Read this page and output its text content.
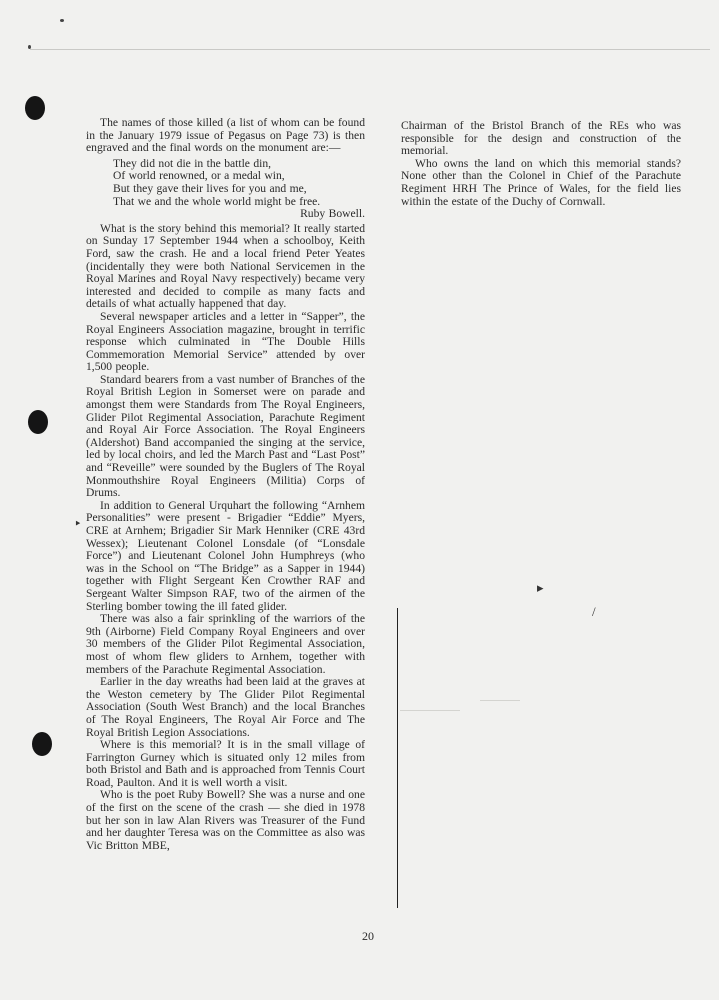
The names of those killed (a list of whom can be found in the January 1979 issue of Pegasus on Page 73) is then engraved and the final words on the monument are:—

They did not die in the battle din,
Of world renowned, or a medal win,
But they gave their lives for you and me,
That we and the whole world might be free.
Ruby Bowell.

What is the story behind this memorial? It really started on Sunday 17 September 1944 when a schoolboy, Keith Ford, saw the crash. He and a local friend Peter Yeates (incidentally they were both National Servicemen in the Royal Marines and Royal Navy respectively) became very interested and decided to compile as many facts and details of what actually happened that day.

Several newspaper articles and a letter in “Sapper”, the Royal Engineers Association magazine, brought in terrific response which culminated in “The Double Hills Commemoration Memorial Service” attended by over 1,500 people.

Standard bearers from a vast number of Branches of the Royal British Legion in Somerset were on parade and amongst them were Standards from The Royal Engineers, Glider Pilot Regimental Association, Parachute Regiment and Royal Air Force Association. The Royal Engineers (Aldershot) Band accompanied the singing at the service, led by local choirs, and led the March Past and “Last Post” and “Reveille” were sounded by the Buglers of The Royal Monmouthshire Royal Engineers (Militia) Corps of Drums.

In addition to General Urquhart the following “Arnhem Personalities” were present - Brigadier “Eddie” Myers, CRE at Arnhem; Brigadier Sir Mark Henniker (CRE 43rd Wessex); Lieutenant Colonel Lonsdale (of “Lonsdale Force”) and Lieutenant Colonel John Humphreys (who was in the School on “The Bridge” as a Sapper in 1944) together with Flight Sergeant Ken Crowther RAF and Sergeant Walter Simpson RAF, two of the airmen of the Sterling bomber towing the ill fated glider.

There was also a fair sprinkling of the warriors of the 9th (Airborne) Field Company Royal Engineers and over 30 members of the Glider Pilot Regimental Association, most of whom flew gliders to Arnhem, together with members of the Parachute Regimental Association.

Earlier in the day wreaths had been laid at the graves at the Weston cemetery by The Glider Pilot Regimental Association (South West Branch) and the local Branches of The Royal Engineers, The Royal Air Force and The Royal British Legion Associations.

Where is this memorial? It is in the small village of Farrington Gurney which is situated only 12 miles from both Bristol and Bath and is approached from Tennis Court Road, Paulton. And it is well worth a visit.

Who is the poet Ruby Bowell? She was a nurse and one of the first on the scene of the crash — she died in 1978 but her son in law Alan Rivers was Treasurer of the Fund and her daughter Teresa was on the Committee as also was Vic Britton MBE,

Chairman of the Bristol Branch of the REs who was responsible for the design and construction of the memorial.

Who owns the land on which this memorial stands? None other than the Colonel in Chief of the Parachute Regiment HRH The Prince of Wales, for the field lies within the estate of the Duchy of Cornwall.

▸
/
‣
20
